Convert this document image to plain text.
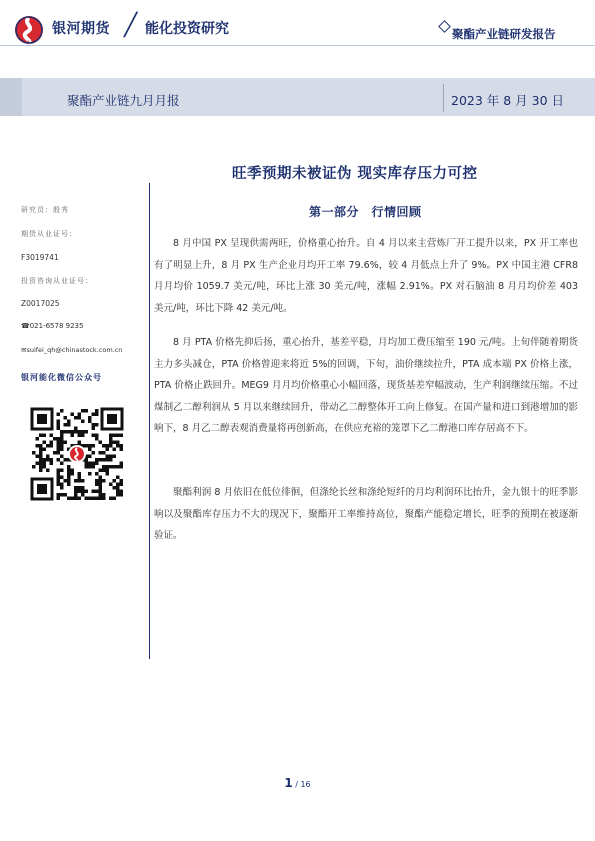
银河期货 ╱ 能化投资研究	聚酯产业链研发报告
聚酯产业链九月月报	2023 年 8 月 30 日
研究员：殷秀
期货从业证号：
F3019741
投资咨询从业证号：
Z0017025
☎021-6578 9235
✉suifei_qh@chinastock.com.cn
银河能化微信公众号
旺季预期未被证伪 现实库存压力可控
第一部分　行情回顾

8 月中国 PX 呈现供需两旺，价格重心抬升。自 4 月以来主营炼厂开工提升以来，PX 开工率也有了明显上升，8 月 PX 生产企业月均开工率 79.6%，较 4 月低点上升了 9%。PX 中国主港 CFR8 月月均价 1059.7 美元/吨，环比上涨 30 美元/吨，涨幅 2.91%。PX 对石脑油 8 月月均价差 403 美元/吨，环比下降 42 美元/吨。

8 月 PTA 价格先抑后扬，重心抬升，基差平稳，月均加工费压缩至 190 元/吨。上旬伴随着期货主力多头减仓，PTA 价格曾迎来将近 5%的回调，下旬，油价继续拉升，PTA 成本端 PX 价格上涨，PTA 价格止跌回升。MEG9 月月均价格重心小幅回落，现货基差窄幅波动，生产利润继续压缩。不过煤制乙二醇利润从 5 月以来继续回升，带动乙二醇整体开工向上修复。在国产量和进口到港增加的影响下，8 月乙二醇表观消费量将再创新高，在供应充裕的笼罩下乙二醇港口库存居高不下。

聚酯利润 8 月依旧在低位徘徊，但涤纶长丝和涤纶短纤的月均利润环比抬升，金九银十的旺季影响以及聚酯库存压力不大的现况下，聚酯开工率维持高位，聚酯产能稳定增长，旺季的预期在被逐渐验证。

1 / 16
